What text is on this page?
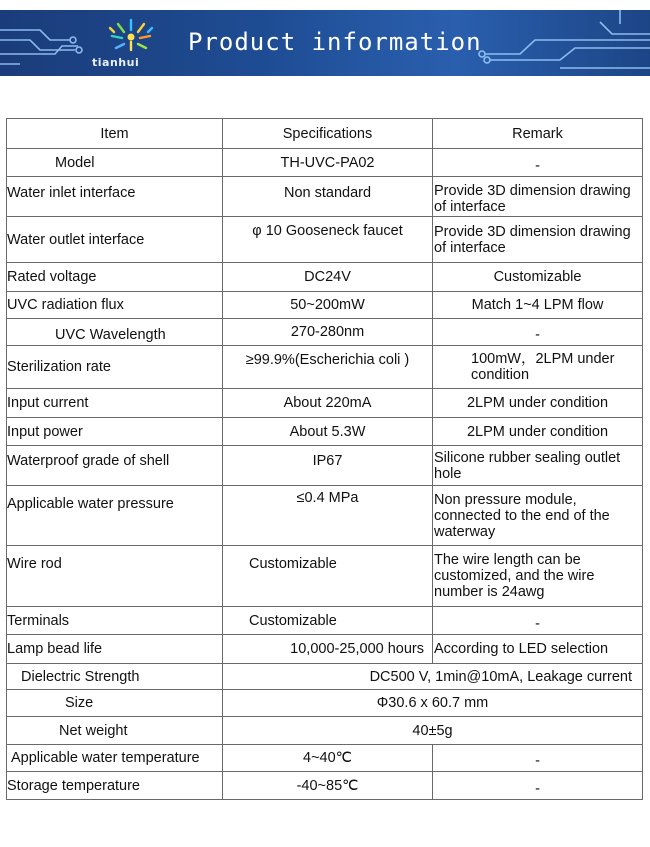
tianhui
Product information
Item	Specifications	Remark
Model	TH-UVC-PA02	-
Water inlet interface	Non standard	Provide 3D dimension drawing of interface
Water outlet interface	φ 10 Gooseneck faucet	Provide 3D dimension drawing of interface
Rated voltage	DC24V	Customizable
UVC radiation flux	50~200mW	Match 1~4 LPM flow
UVC Wavelength	270-280nm	-
Sterilization rate	≥99.9%(Escherichia coli )	100mW，2LPM under condition
Input current	About 220mA	2LPM under condition
Input power	About 5.3W	2LPM under condition
Waterproof grade of shell	IP67	Silicone rubber sealing outlet hole
Applicable water pressure	≤0.4 MPa	Non pressure module, connected to the end of the waterway
Wire rod	Customizable	The wire length can be customized, and the wire number is 24awg
Terminals	Customizable	-
Lamp bead life	10,000-25,000 hours	According to LED selection
Dielectric Strength	DC500 V, 1min@10mA, Leakage current	
Size	Φ30.6 x 60.7 mm	
Net weight	40±5g	
Applicable water temperature	4~40℃	-
Storage temperature	-40~85℃	-
